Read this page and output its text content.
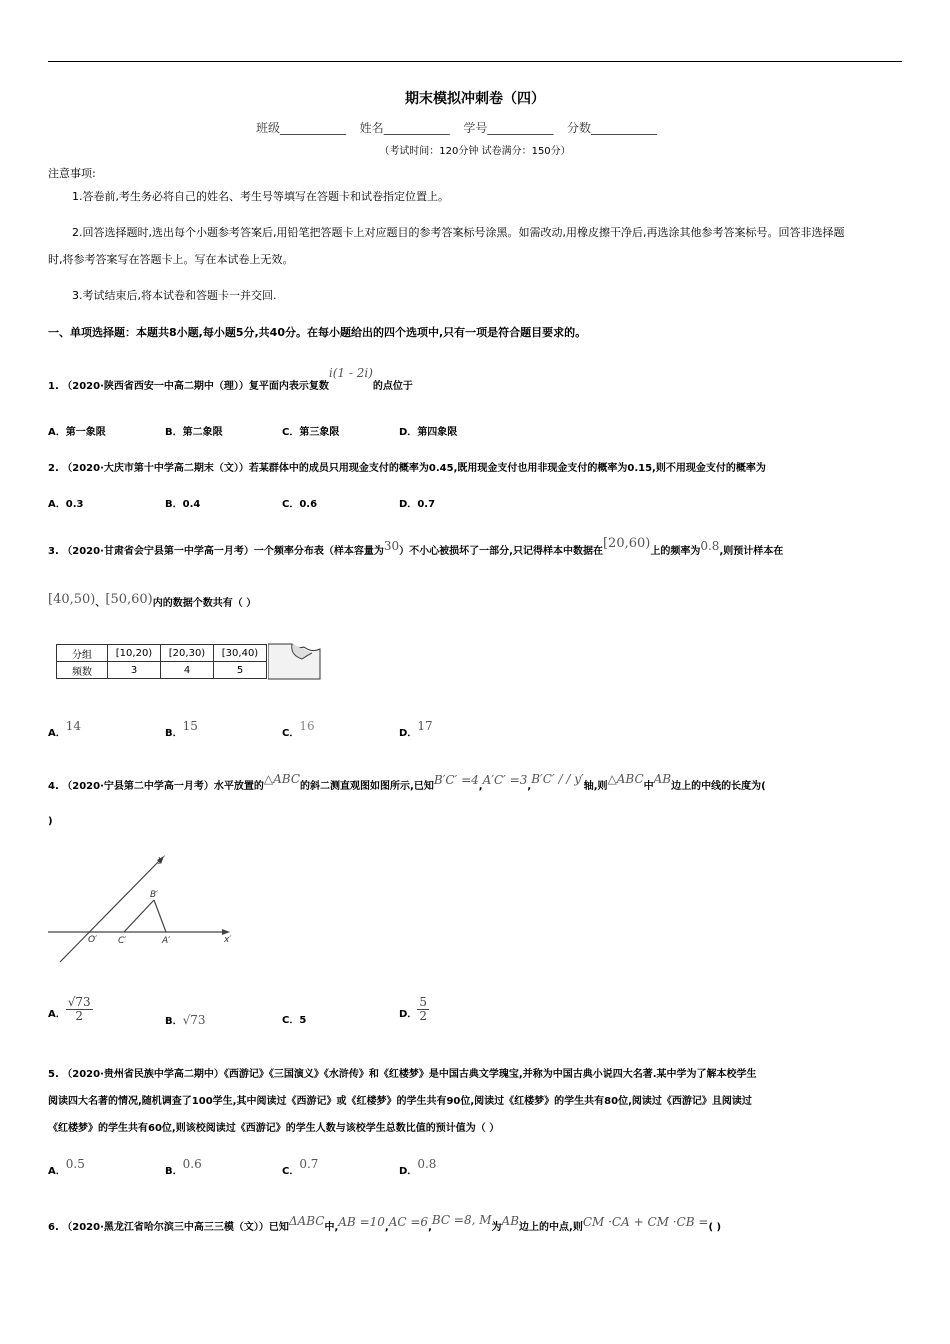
期末模拟冲刺卷（四）
班级___________ 姓名___________ 学号___________ 分数___________
（考试时间：120分钟 试卷满分：150分）
注意事项:
1.答卷前,考生务必将自己的姓名、考生号等填写在答题卡和试卷指定位置上。
2.回答选择题时,选出每个小题参考答案后,用铅笔把答题卡上对应题目的参考答案标号涂黑。如需改动,用橡皮擦干净后,再选涂其他参考答案标号。回答非选择题
时,将参考答案写在答题卡上。写在本试卷上无效。
3.考试结束后,将本试卷和答题卡一并交回.
一、单项选择题：本题共8小题,每小题5分,共40分。在每小题给出的四个选项中,只有一项是符合题目要求的。
1. （2020·陕西省西安一中高二期中（理））复平面内表示复数i(1 - 2i)的点位于
A．第一象限	B．第二象限	C．第三象限	D．第四象限
2. （2020·大庆市第十中学高二期末（文））若某群体中的成员只用现金支付的概率为0.45,既用现金支付也用非现金支付的概率为0.15,则不用现金支付的概率为
A．0.3	B．0.4	C．0.6	D．0.7
3. （2020·甘肃省会宁县第一中学高一月考）一个频率分布表（样本容量为30）不小心被损坏了一部分,只记得样本中数据在[20,60)上的频率为0.8,则预计样本在
[40,50)、[50,60)内的数据个数共有（ ）
分组	[10,20)	[20,30)	[30,40)
频数	3	4	5
A．14
B．15
C．16
D．17
4. （2020·宁县第二中学高一月考）水平放置的△ABC的斜二测直观图如图所示,已知B′C′ =4,A′C′ =3,B′C′ / / y′轴,则△ABC中AB边上的中线的长度为(
)
y′
B′
O′ C′	A′	x′
A． $\frac{√73}{2}$	B．√73	C．5
D． $\frac{5}{2}$
5. （2020·贵州省民族中学高二期中）《西游记》《三国演义》《水浒传》和《红楼梦》是中国古典文学瑰宝,并称为中国古典小说四大名著.某中学为了解本校学生
阅读四大名著的情况,随机调查了100学生,其中阅读过《西游记》或《红楼梦》的学生共有90位,阅读过《红楼梦》的学生共有80位,阅读过《西游记》且阅读过
《红楼梦》的学生共有60位,则该校阅读过《西游记》的学生人数与该校学生总数比值的预计值为（ ）
A．0.5
B．0.6
C．0.7
D．0.8
6. （2020·黑龙江省哈尔滨三中高三三模（文））已知ΔABC中,AB =10,AC =6,BC =8, M为AB边上的中点,则CM ·CA + CM ·CB =( )
